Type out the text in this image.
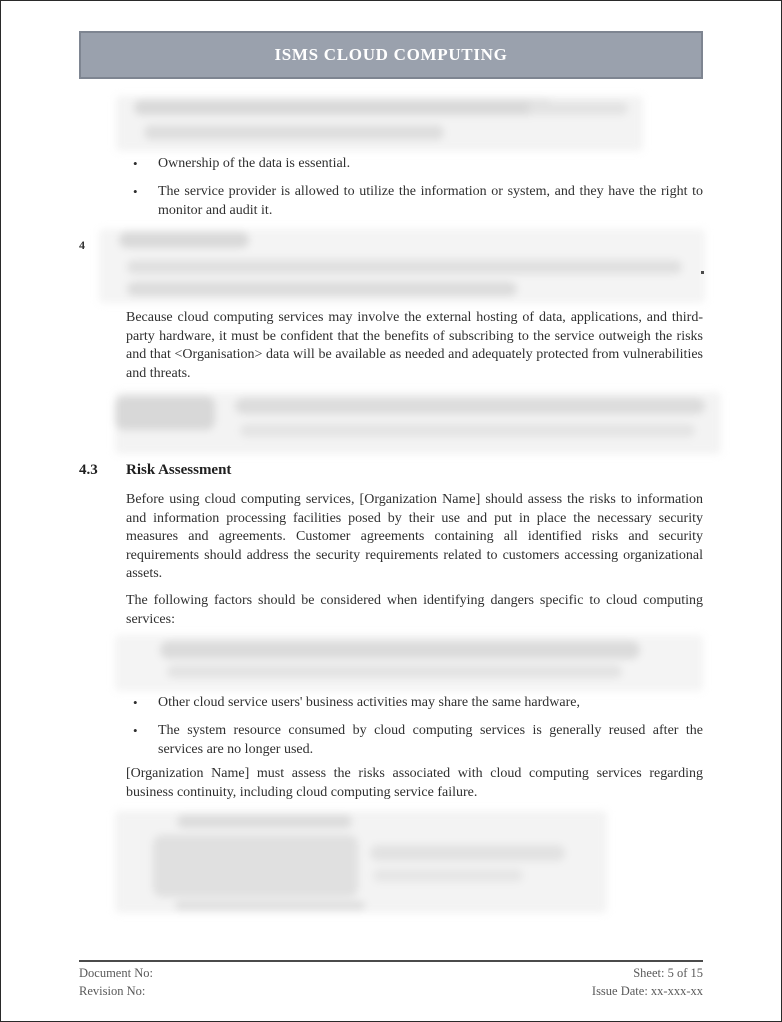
ISMS CLOUD COMPUTING
•	Ownership of the data is essential.
•	The service provider is allowed to utilize the information or system, and they have the right to monitor and audit it.
4
Because cloud computing services may involve the external hosting of data, applications, and third-party hardware, it must be confident that the benefits of subscribing to the service outweigh the risks and that <Organisation> data will be available as needed and adequately protected from vulnerabilities and threats.
4.3	Risk Assessment
Before using cloud computing services, [Organization Name] should assess the risks to information and information processing facilities posed by their use and put in place the necessary security measures and agreements. Customer agreements containing all identified risks and security requirements should address the security requirements related to customers accessing organizational assets.
The following factors should be considered when identifying dangers specific to cloud computing services:
•	Other cloud service users' business activities may share the same hardware,
•	The system resource consumed by cloud computing services is generally reused after the services are no longer used.
[Organization Name] must assess the risks associated with cloud computing services regarding business continuity, including cloud computing service failure.
Document No:
Revision No:
Sheet: 5 of 15
Issue Date: xx-xxx-xx
